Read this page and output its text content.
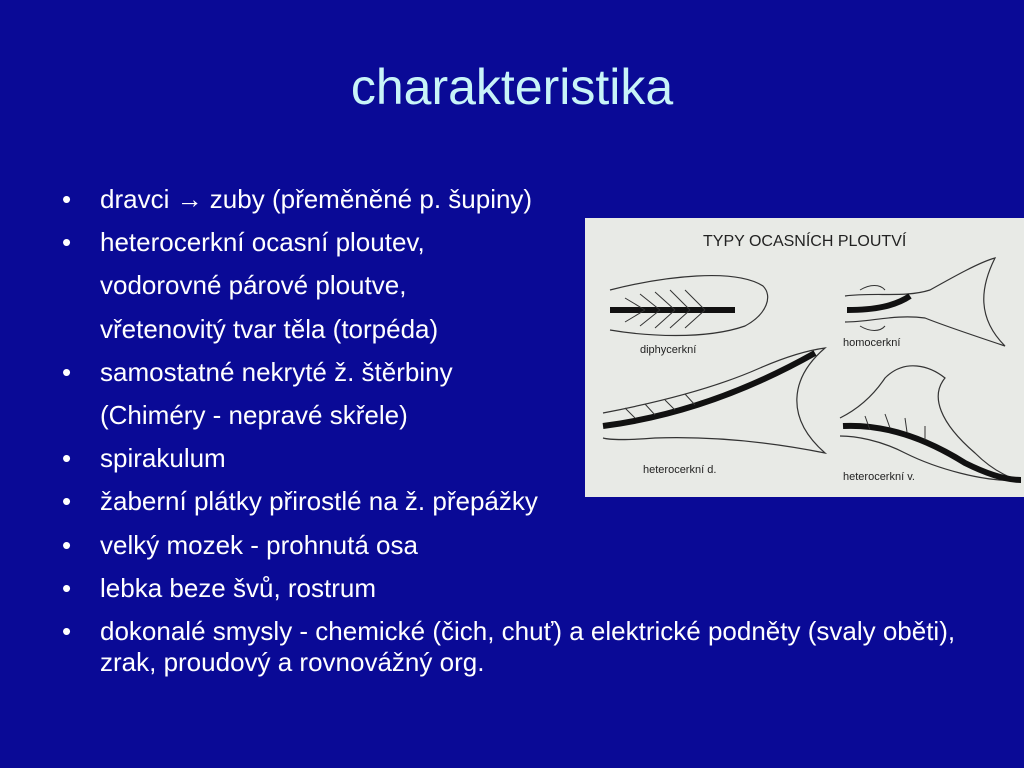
charakteristika
• dravci → zuby (přeměněné p. šupiny)
• heterocerkní ocasní ploutev,
vodorovné párové ploutve,
vřetenovitý tvar těla (torpéda)
• samostatné nekryté ž. štěrbiny
(Chiméry - nepravé skřele)
• spirakulum
• žaberní plátky přirostlé na ž. přepážky
• velký mozek - prohnutá osa
• lebka beze švů, rostrum
• dokonalé smysly - chemické (čich, chuť) a elektrické podněty (svaly oběti), zrak, proudový a rovnovážný org.
TYPY OCASNÍCH PLOUTVÍ
diphycerkní
homocerkní
heterocerkní d.
heterocerkní v.
